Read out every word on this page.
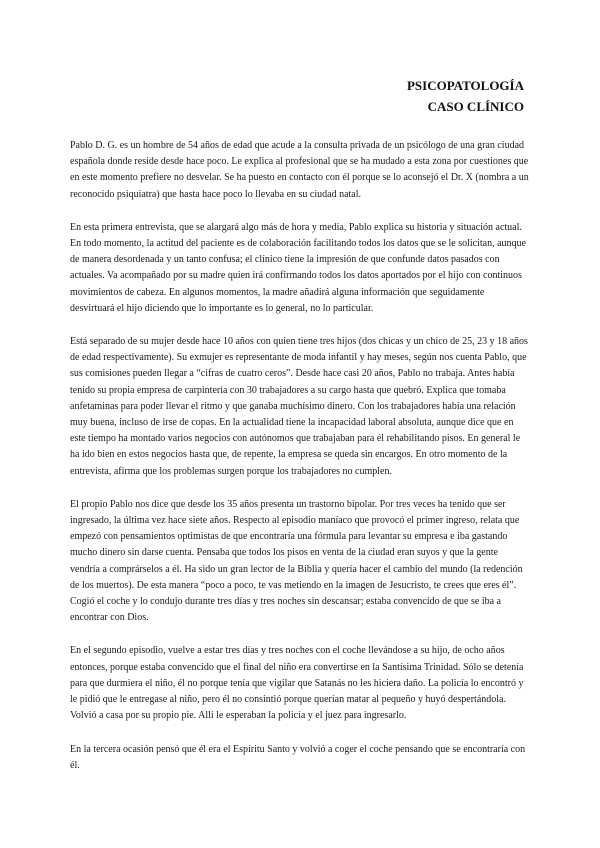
PSICOPATOLOGÍA
CASO CLÍNICO

Pablo D. G. es un hombre de 54 años de edad que acude a la consulta privada de un psicólogo de una gran ciudad española donde reside desde hace poco. Le explica al profesional que se ha mudado a esta zona por cuestiones que en este momento prefiere no desvelar. Se ha puesto en contacto con él porque se lo aconsejó el Dr. X (nombra a un reconocido psiquiatra) que hasta hace poco lo llevaba en su ciudad natal.

En esta primera entrevista, que se alargará algo más de hora y media, Pablo explica su historia y situación actual. En todo momento, la actitud del paciente es de colaboración facilitando todos los datos que se le solicitan, aunque de manera desordenada y un tanto confusa; el clínico tiene la impresión de que confunde datos pasados con actuales. Va acompañado por su madre quien irá confirmando todos los datos aportados por el hijo con continuos movimientos de cabeza. En algunos momentos, la madre añadirá alguna información que seguidamente desvirtuará el hijo diciendo que lo importante es lo general, no lo particular.

Está separado de su mujer desde hace 10 años con quien tiene tres hijos (dos chicas y un chico de 25, 23 y 18 años de edad respectivamente). Su exmujer es representante de moda infantil y hay meses, según nos cuenta Pablo, que sus comisiones pueden llegar a “cifras de cuatro ceros”. Desde hace casi 20 años, Pablo no trabaja. Antes había tenido su propia empresa de carpintería con 30 trabajadores a su cargo hasta que quebró. Explica que tomaba anfetaminas para poder llevar el ritmo y que ganaba muchísimo dinero. Con los trabajadores había una relación muy buena, incluso de irse de copas. En la actualidad tiene la incapacidad laboral absoluta, aunque dice que en este tiempo ha montado varios negocios con autónomos que trabajaban para él rehabilitando pisos. En general le ha ido bien en estos negocios hasta que, de repente, la empresa se queda sin encargos. En otro momento de la entrevista, afirma que los problemas surgen porque los trabajadores no cumplen.

El propio Pablo nos dice que desde los 35 años presenta un trastorno bipolar. Por tres veces ha tenido que ser ingresado, la última vez hace siete años. Respecto al episodio maníaco que provocó el primer ingreso, relata que empezó con pensamientos optimistas de que encontraría una fórmula para levantar su empresa e iba gastando mucho dinero sin darse cuenta. Pensaba que todos los pisos en venta de la ciudad eran suyos y que la gente vendría a comprárselos a él. Ha sido un gran lector de la Biblia y quería hacer el cambio del mundo (la redención de los muertos). De esta manera “poco a poco, te vas metiendo en la imagen de Jesucristo, te crees que eres él”. Cogió el coche y lo condujo durante tres días y tres noches sin descansar; estaba convencido de que se iba a encontrar con Dios.

En el segundo episodio, vuelve a estar tres días y tres noches con el coche llevándose a su hijo, de ocho años entonces, porque estaba convencido que el final del niño era convertirse en la Santísima Trinidad. Sólo se detenía para que durmiera el niño, él no porque tenía que vigilar que Satanás no les hiciera daño. La policía lo encontró y le pidió que le entregase al niño, pero él no consintió porque querían matar al pequeño y huyó despertándola. Volvió a casa por su propio pie. Allí le esperaban la policía y el juez para ingresarlo.

En la tercera ocasión pensó que él era el Espíritu Santo y volvió a coger el coche pensando que se encontraría con él.
